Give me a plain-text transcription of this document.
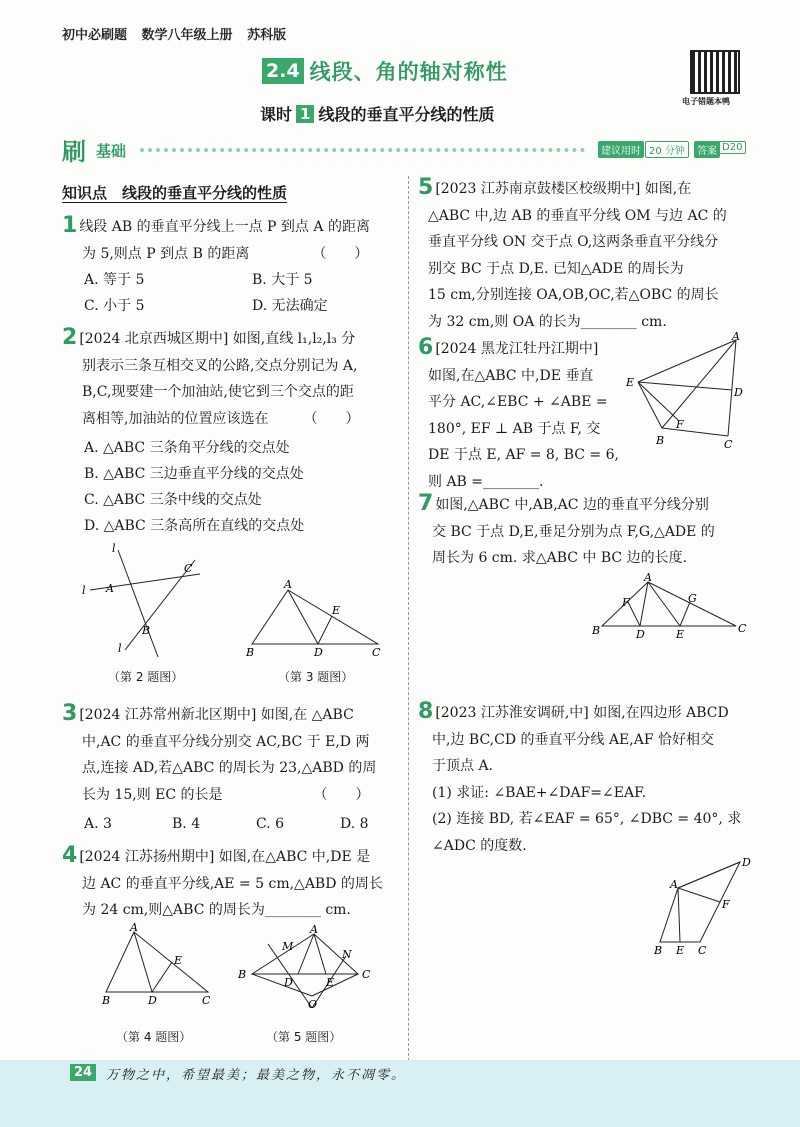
初中必刷题 数学八年级上册 苏科版
2.4 线段、角的轴对称性
课时 1 线段的垂直平分线的性质
电子错题本鸭
刷 基础	建议用时 20 分钟	答案 D20
知识点　线段的垂直平分线的性质
1 线段 AB 的垂直平分线上一点 P 到点 A 的距离
为 5,则点 P 到点 B 的距离　　　　　（　　）
A. 等于 5	B. 大于 5
C. 小于 5	D. 无法确定
2 [2024 北京西城区期中] 如图,直线 l₁,l₂,l₃ 分
别表示三条互相交叉的公路,交点分别记为 A,
B,C,现要建一个加油站,使它到三个交点的距
离相等,加油站的位置应该选在　　　（　　）
A. △ABC 三条角平分线的交点处
B. △ABC 三边垂直平分线的交点处
C. △ABC 三条中线的交点处
D. △ABC 三条高所在直线的交点处
l
A
l
C
B
l
（第 2 题图）
A
B	D	C
E
（第 3 题图）
3 [2024 江苏常州新北区期中] 如图,在 △ABC
中,AC 的垂直平分线分别交 AC,BC 于 E,D 两
点,连接 AD,若△ABC 的周长为 23,△ABD 的周
长为 15,则 EC 的长是　　　　　　　（　　）
A. 3	B. 4	C. 6	D. 8
4 [2024 江苏扬州期中] 如图,在△ABC 中,DE 是
边 AC 的垂直平分线,AE = 5 cm,△ABD 的周长
为 24 cm,则△ABC 的周长为________ cm.
A
B	D	C
E
（第 4 题图）
A
B	C
M
N
D	E
O
（第 5 题图）
5 [2023 江苏南京鼓楼区校级期中] 如图,在
△ABC 中,边 AB 的垂直平分线 OM 与边 AC 的
垂直平分线 ON 交于点 O,这两条垂直平分线分
别交 BC 于点 D,E. 已知△ADE 的周长为
15 cm,分别连接 OA,OB,OC,若△OBC 的周长
为 32 cm,则 OA 的长为________ cm.
6 [2024 黑龙江牡丹江期中]
如图,在△ABC 中,DE 垂直
平分 AC,∠EBC + ∠ABE =
180°, EF ⊥ AB 于点 F, 交
DE 于点 E, AF = 8, BC = 6,
则 AB =________.
A
E
D
F
B	C
7 如图,△ABC 中,AB,AC 边的垂直平分线分别
交 BC 于点 D,E,垂足分别为点 F,G,△ADE 的
周长为 6 cm. 求△ABC 中 BC 边的长度.
A
B
F	G
D	E	C
8 [2023 江苏淮安调研,中] 如图,在四边形 ABCD
中,边 BC,CD 的垂直平分线 AE,AF 恰好相交
于顶点 A.
(1) 求证: ∠BAE+∠DAF=∠EAF.
(2) 连接 BD, 若∠EAF = 65°, ∠DBC = 40°, 求
∠ADC 的度数.
A
D
F
B E C
24	万物之中，希望最美；最美之物，永不凋零。
